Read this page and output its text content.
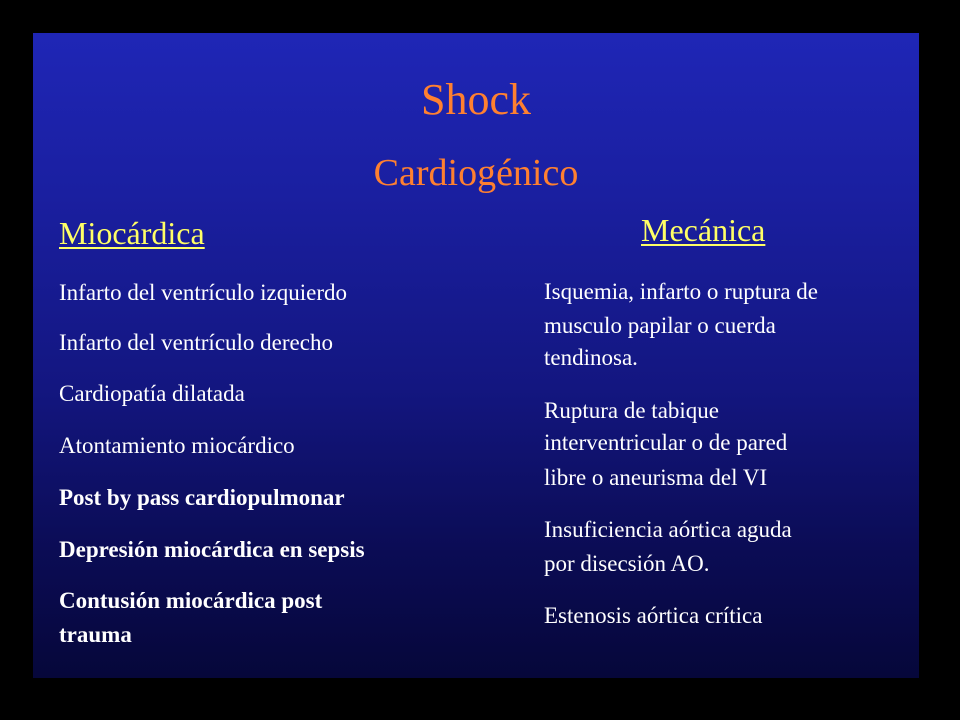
Shock
Cardiogénico
Miocárdica	Mecánica
Infarto del ventrículo izquierdo
Infarto del ventrículo derecho
Cardiopatía dilatada
Atontamiento miocárdico
Post by pass cardiopulmonar
Depresión miocárdica en sepsis
Contusión miocárdica post
trauma
Isquemia, infarto o ruptura de
musculo papilar o cuerda
tendinosa.
Ruptura de tabique
interventricular o de pared
libre o aneurisma del VI
Insuficiencia aórtica aguda
por disecsión AO.
Estenosis aórtica crítica
